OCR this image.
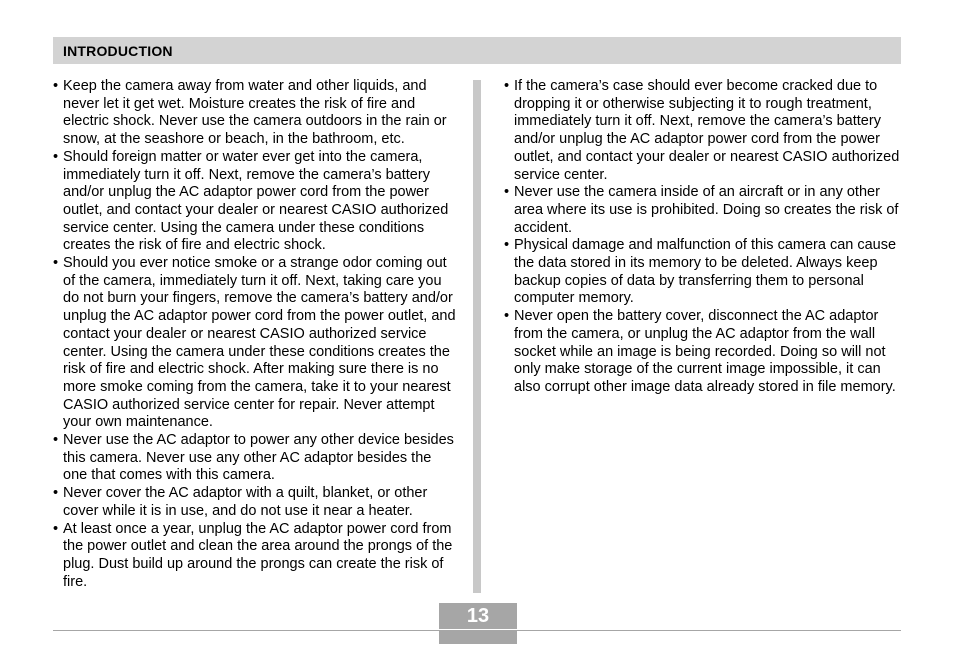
INTRODUCTION
• Keep the camera away from water and other liquids, and never let it get wet. Moisture creates the risk of fire and electric shock. Never use the camera outdoors in the rain or snow, at the seashore or beach, in the bathroom, etc.
• Should foreign matter or water ever get into the camera, immediately turn it off. Next, remove the camera’s battery and/or unplug the AC adaptor power cord from the power outlet, and contact your dealer or nearest CASIO authorized service center. Using the camera under these conditions creates the risk of fire and electric shock.
• Should you ever notice smoke or a strange odor coming out of the camera, immediately turn it off. Next, taking care you do not burn your fingers, remove the camera’s battery and/or unplug the AC adaptor power cord from the power outlet, and contact your dealer or nearest CASIO authorized service center. Using the camera under these conditions creates the risk of fire and electric shock. After making sure there is no more smoke coming from the camera, take it to your nearest CASIO authorized service center for repair. Never attempt your own maintenance.
• Never use the AC adaptor to power any other device besides this camera. Never use any other AC adaptor besides the one that comes with this camera.
• Never cover the AC adaptor with a quilt, blanket, or other cover while it is in use, and do not use it near a heater.
• At least once a year, unplug the AC adaptor power cord from the power outlet and clean the area around the prongs of the plug. Dust build up around the prongs can create the risk of fire.
• If the camera’s case should ever become cracked due to dropping it or otherwise subjecting it to rough treatment, immediately turn it off. Next, remove the camera’s battery and/or unplug the AC adaptor power cord from the power outlet, and contact your dealer or nearest CASIO authorized service center.
• Never use the camera inside of an aircraft or in any other area where its use is prohibited. Doing so creates the risk of accident.
• Physical damage and malfunction of this camera can cause the data stored in its memory to be deleted. Always keep backup copies of data by transferring them to personal computer memory.
• Never open the battery cover, disconnect the AC adaptor from the camera, or unplug the AC adaptor from the wall socket while an image is being recorded. Doing so will not only make storage of the current image impossible, it can also corrupt other image data already stored in file memory.
13
